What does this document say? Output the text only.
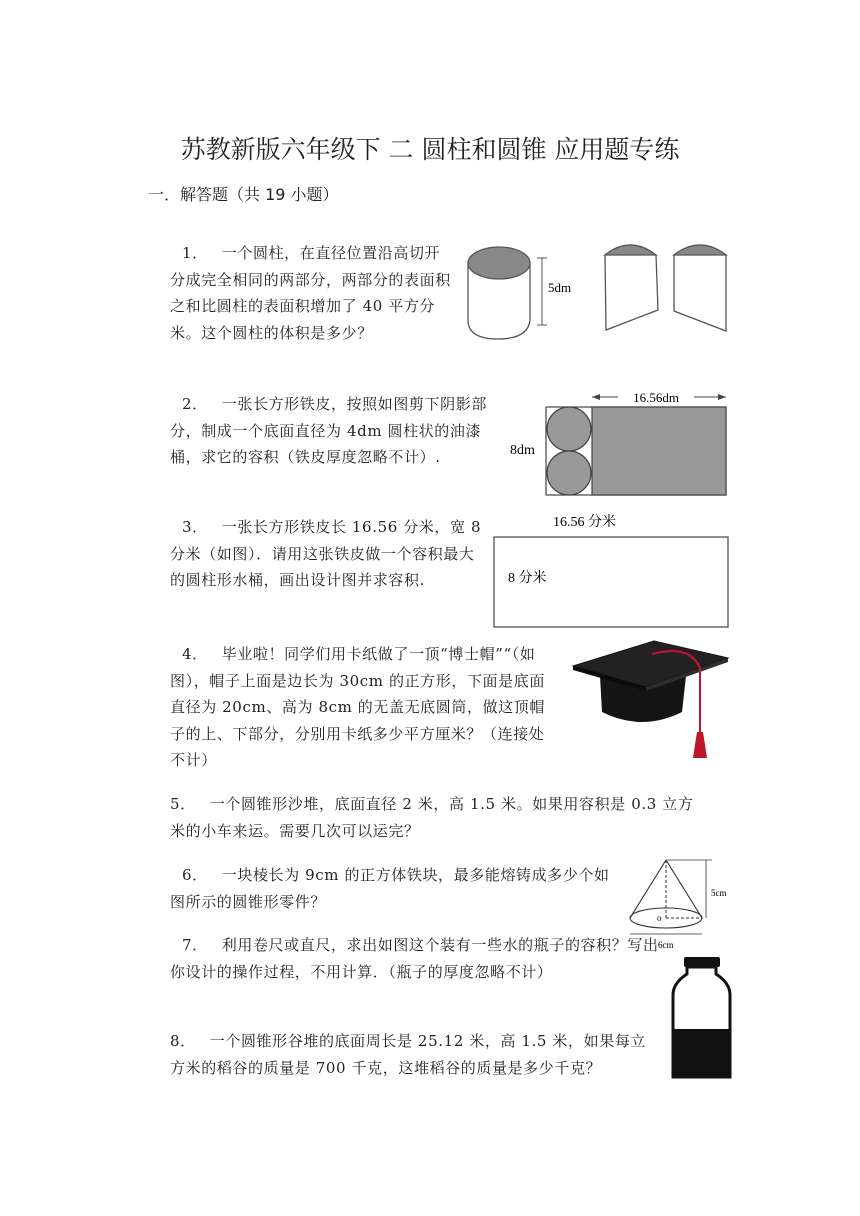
苏教新版六年级下 二 圆柱和圆锥 应用题专练
一．解答题（共 19 小题）
1． 一个圆柱，在直径位置沿高切开分成完全相同的两部分，两部分的表面积之和比圆柱的表面积增加了 40 平方分米。这个圆柱的体积是多少？
5dm
2． 一张长方形铁皮，按照如图剪下阴影部分，制成一个底面直径为 4dm 圆柱状的油漆桶，求它的容积（铁皮厚度忽略不计）.
16.56dm
8dm
3． 一张长方形铁皮长 16.56 分米，宽 8 分米（如图）．请用这张铁皮做一个容积最大的圆柱形水桶，画出设计图并求容积.
16.56 分米
8 分米
4． 毕业啦！同学们用卡纸做了一顶“博士帽”“（如图），帽子上面是边长为 30cm 的正方形，下面是底面直径为 20cm、高为 8cm 的无盖无底圆筒，做这顶帽子的上、下部分，分别用卡纸多少平方厘米？（连接处不计）
5． 一个圆锥形沙堆，底面直径 2 米，高 1.5 米。如果用容积是 0.3 立方米的小车来运。需要几次可以运完？
6． 一块棱长为 9cm 的正方体铁块，最多能熔铸成多少个如图所示的圆锥形零件？
o
5cm
6cm
7． 利用卷尺或直尺，求出如图这个装有一些水的瓶子的容积？写出你设计的操作过程，不用计算．（瓶子的厚度忽略不计）
8． 一个圆锥形谷堆的底面周长是 25.12 米，高 1.5 米，如果每立方米的稻谷的质量是 700 千克，这堆稻谷的质量是多少千克？
